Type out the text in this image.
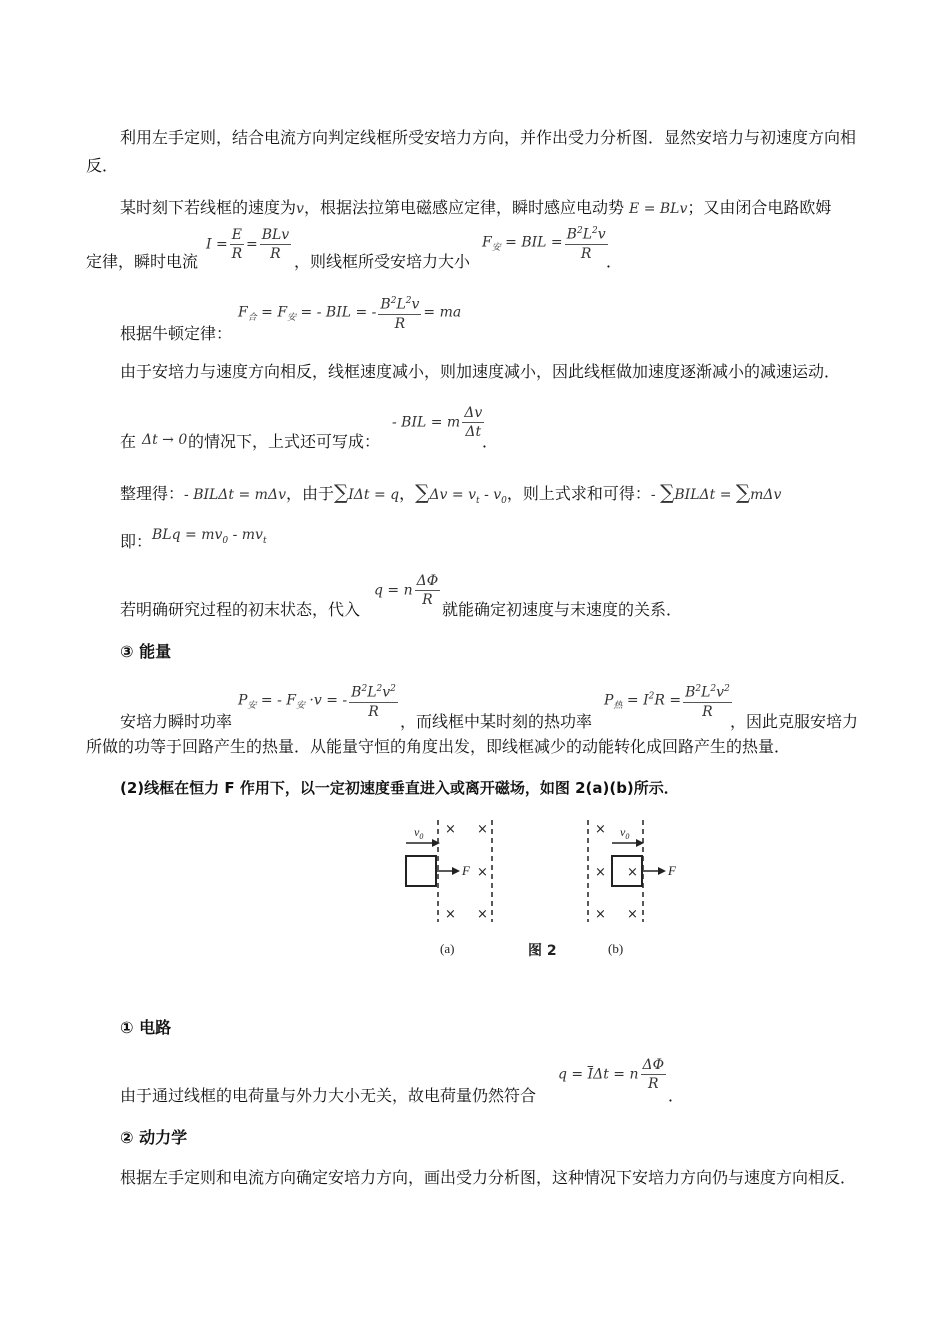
利用左手定则，结合电流方向判定线框所受安培力方向，并作出受力分析图．显然安培力与初速度方向相反．
某时刻下若线框的速度为v，根据法拉第电磁感应定律，瞬时感应电动势 E = BLv；又由闭合电路欧姆
定律，瞬时电流
$I = \frac{E}{R} = \frac{\text{BLv}}{R}$ ，则线框所受安培力大小
$F_安$ = BIL = $\frac{B^2L^2v}{R}$
．
根据牛顿定律：
$F_合 = F_安$ = - BIL = - $\frac{B^2L^2v}{R}$ = ma
由于安培力与速度方向相反，线框速度减小，则加速度减小，因此线框做加速度逐渐减小的减速运动．
在 Δt → 0 的情况下，上式还可写成：
- BIL = m $\frac{\Delta v}{\Delta t}$
．
整理得：- BILΔt = mΔv，由于∑IΔt = q，$\sum\Delta v = v_t - v_0$，则上式求和可得：- ∑BILΔt = ∑mΔv
即：BLq = $mv_0 - mv_t$
若明确研究过程的初末状态，代入
q = n $\frac{\Delta\Phi}{R}$
就能确定初速度与末速度的关系．
③ 能量
安培力瞬时功率
$P_安$ = - $F_安 \cdot v$ = - $\frac{B^2L^2v^2}{R}$
，而线框中某时刻的热功率
$P_热 = I^2R = \frac{B^2L^2v^2}{R}$
，因此克服安培力
所做的功等于回路产生的热量．从能量守恒的角度出发，即线框减少的动能转化成回路产生的热量．
(2)线框在恒力 F 作用下，以一定初速度垂直进入或离开磁场，如图 2(a)(b)所示．
$v_0$
F
× ×
×
× ×
(a)	图 2
$v_0$
F
×
× ×
× ×
(b)
① 电路
由于通过线框的电荷量与外力大小无关，故电荷量仍然符合
$q = \overline{I}\Delta t = n \frac{\Delta\Phi}{R}$
．
② 动力学
根据左手定则和电流方向确定安培力方向，画出受力分析图，这种情况下安培力方向仍与速度方向相反．
